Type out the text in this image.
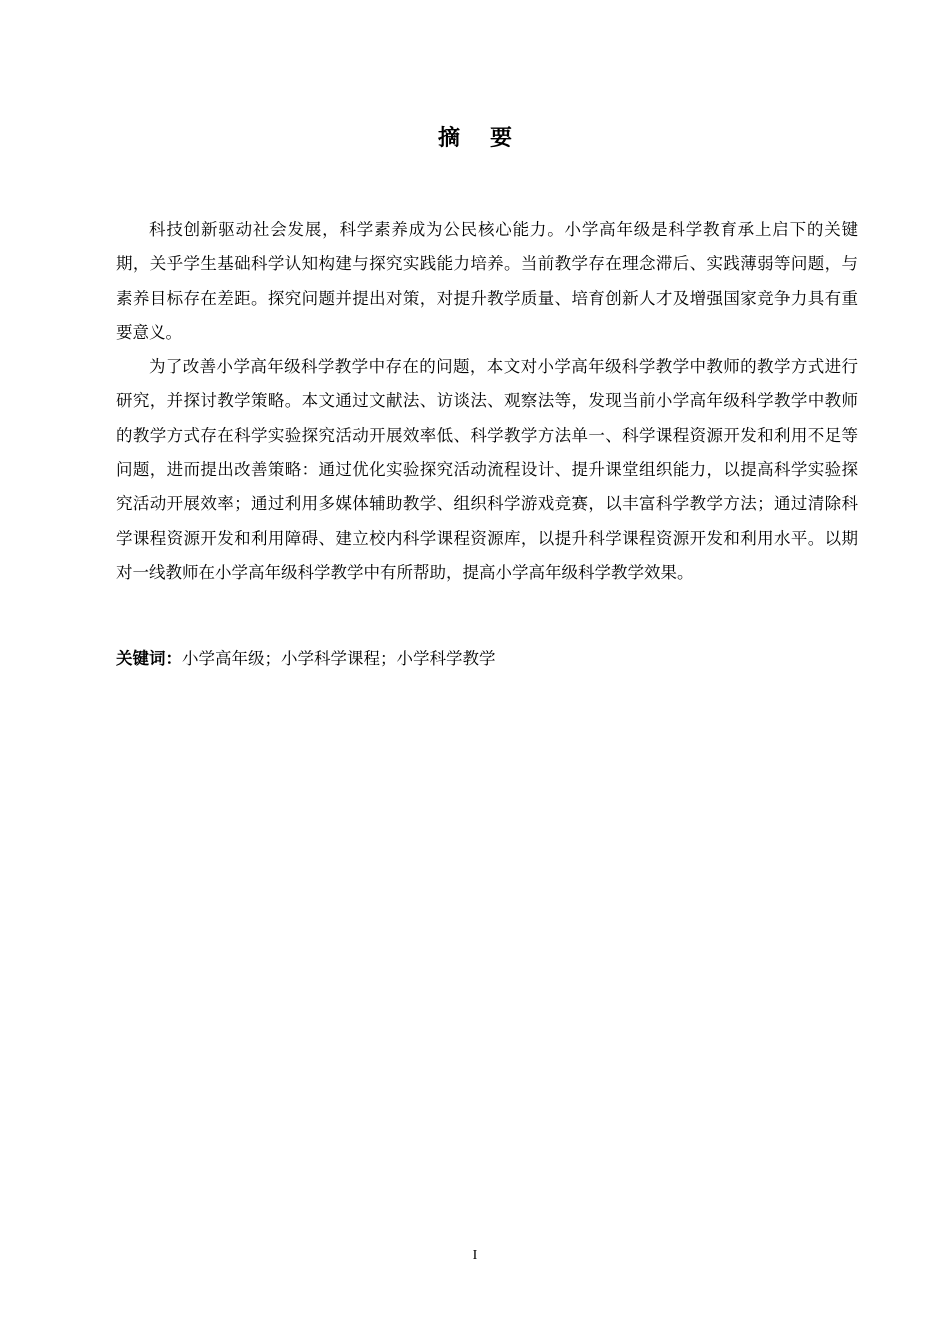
摘要

科技创新驱动社会发展，科学素养成为公民核心能力。小学高年级是科学教育承上启下的关键期，关乎学生基础科学认知构建与探究实践能力培养。当前教学存在理念滞后、实践薄弱等问题，与素养目标存在差距。探究问题并提出对策，对提升教学质量、培育创新人才及增强国家竞争力具有重要意义。

为了改善小学高年级科学教学中存在的问题，本文对小学高年级科学教学中教师的教学方式进行研究，并探讨教学策略。本文通过文献法、访谈法、观察法等，发现当前小学高年级科学教学中教师的教学方式存在科学实验探究活动开展效率低、科学教学方法单一、科学课程资源开发和利用不足等问题，进而提出改善策略：通过优化实验探究活动流程设计、提升课堂组织能力，以提高科学实验探究活动开展效率；通过利用多媒体辅助教学、组织科学游戏竞赛，以丰富科学教学方法；通过清除科学课程资源开发和利用障碍、建立校内科学课程资源库，以提升科学课程资源开发和利用水平。以期对一线教师在小学高年级科学教学中有所帮助，提高小学高年级科学教学效果。

关键词：小学高年级；小学科学课程；小学科学教学
I
